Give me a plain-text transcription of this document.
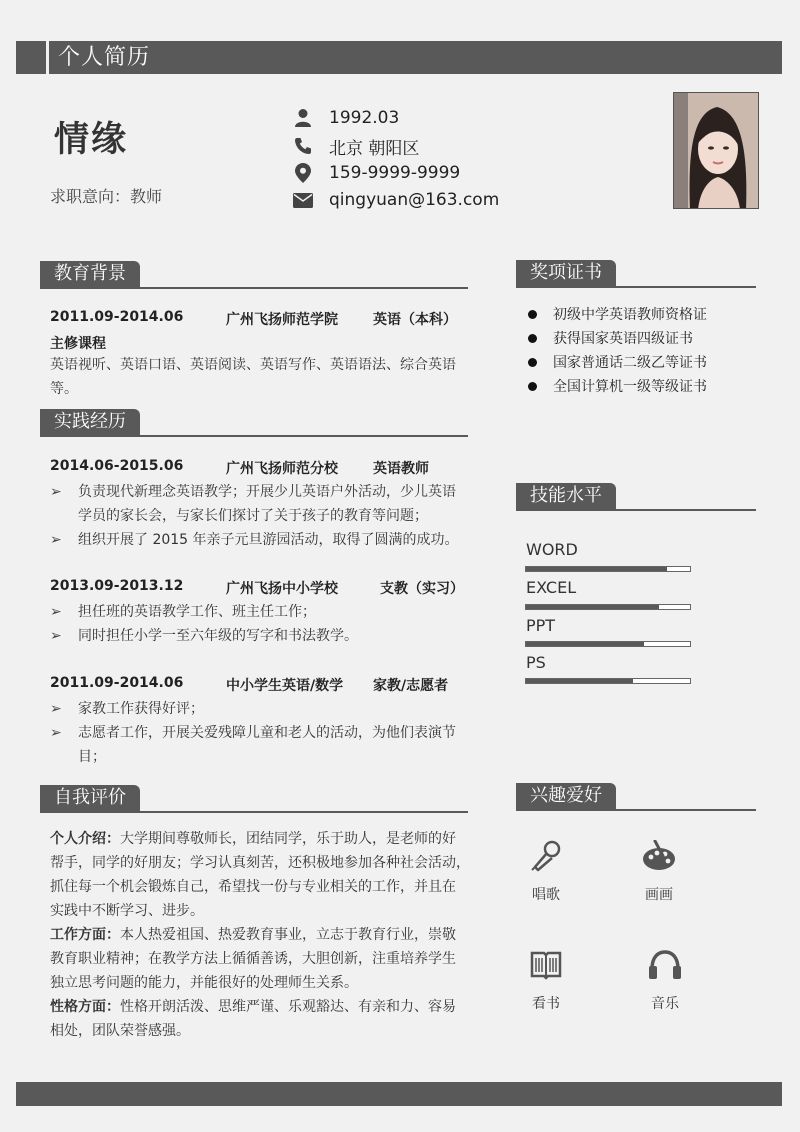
个人简历
情缘
求职意向：教师
1992.03
北京 朝阳区
159-9999-9999
qingyuan@163.com
教育背景
2011.09-2014.06	广州飞扬师范学院	英语（本科）
主修课程
英语视听、英语口语、英语阅读、英语写作、英语语法、综合英语
等。
实践经历
2014.06-2015.06	广州飞扬师范分校	英语教师
➢ 负责现代新理念英语教学；开展少儿英语户外活动，少儿英语
学员的家长会，与家长们探讨了关于孩子的教育等问题；
➢ 组织开展了 2015 年亲子元旦游园活动，取得了圆满的成功。
2013.09-2013.12	广州飞扬中小学校	支教（实习）
➢ 担任班的英语教学工作、班主任工作；
➢ 同时担任小学一至六年级的写字和书法教学。
2011.09-2014.06	中小学生英语/数学	家教/志愿者
➢ 家教工作获得好评；
➢ 志愿者工作，开展关爱残障儿童和老人的活动，为他们表演节
目；
自我评价
个人介绍：大学期间尊敬师长，团结同学，乐于助人，是老师的好
帮手，同学的好朋友；学习认真刻苦，还积极地参加各种社会活动，
抓住每一个机会锻炼自己，希望找一份与专业相关的工作，并且在
实践中不断学习、进步。
工作方面：本人热爱祖国、热爱教育事业，立志于教育行业，崇敬
教育职业精神；在教学方法上循循善诱，大胆创新，注重培养学生
独立思考问题的能力，并能很好的处理师生关系。
性格方面：性格开朗活泼、思维严谨、乐观豁达、有亲和力、容易
相处，团队荣誉感强。
奖项证书
初级中学英语教师资格证
获得国家英语四级证书
国家普通话二级乙等证书
全国计算机一级等级证书
技能水平
WORD
EXCEL
PPT
PS
兴趣爱好
唱歌	画画
看书	音乐
